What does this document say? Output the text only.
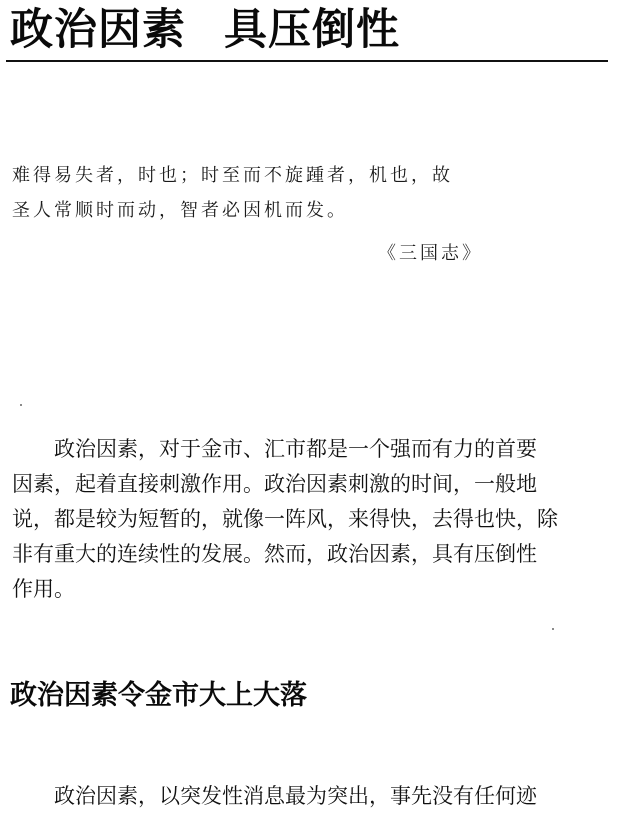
政治因素 具压倒性

难得易失者，时也；时至而不旋踵者，机也，故

圣人常顺时而动，智者必因机而发。

《三国志》

政治因素，对于金市、汇市都是一个强而有力的首要
因素，起着直接刺激作用。政治因素刺激的时间，一般地
说，都是较为短暂的，就像一阵风，来得快，去得也快，除
非有重大的连续性的发展。然而，政治因素，具有压倒性
作用。

政治因素令金市大上大落

政治因素，以突发性消息最为突出，事先没有任何迹
